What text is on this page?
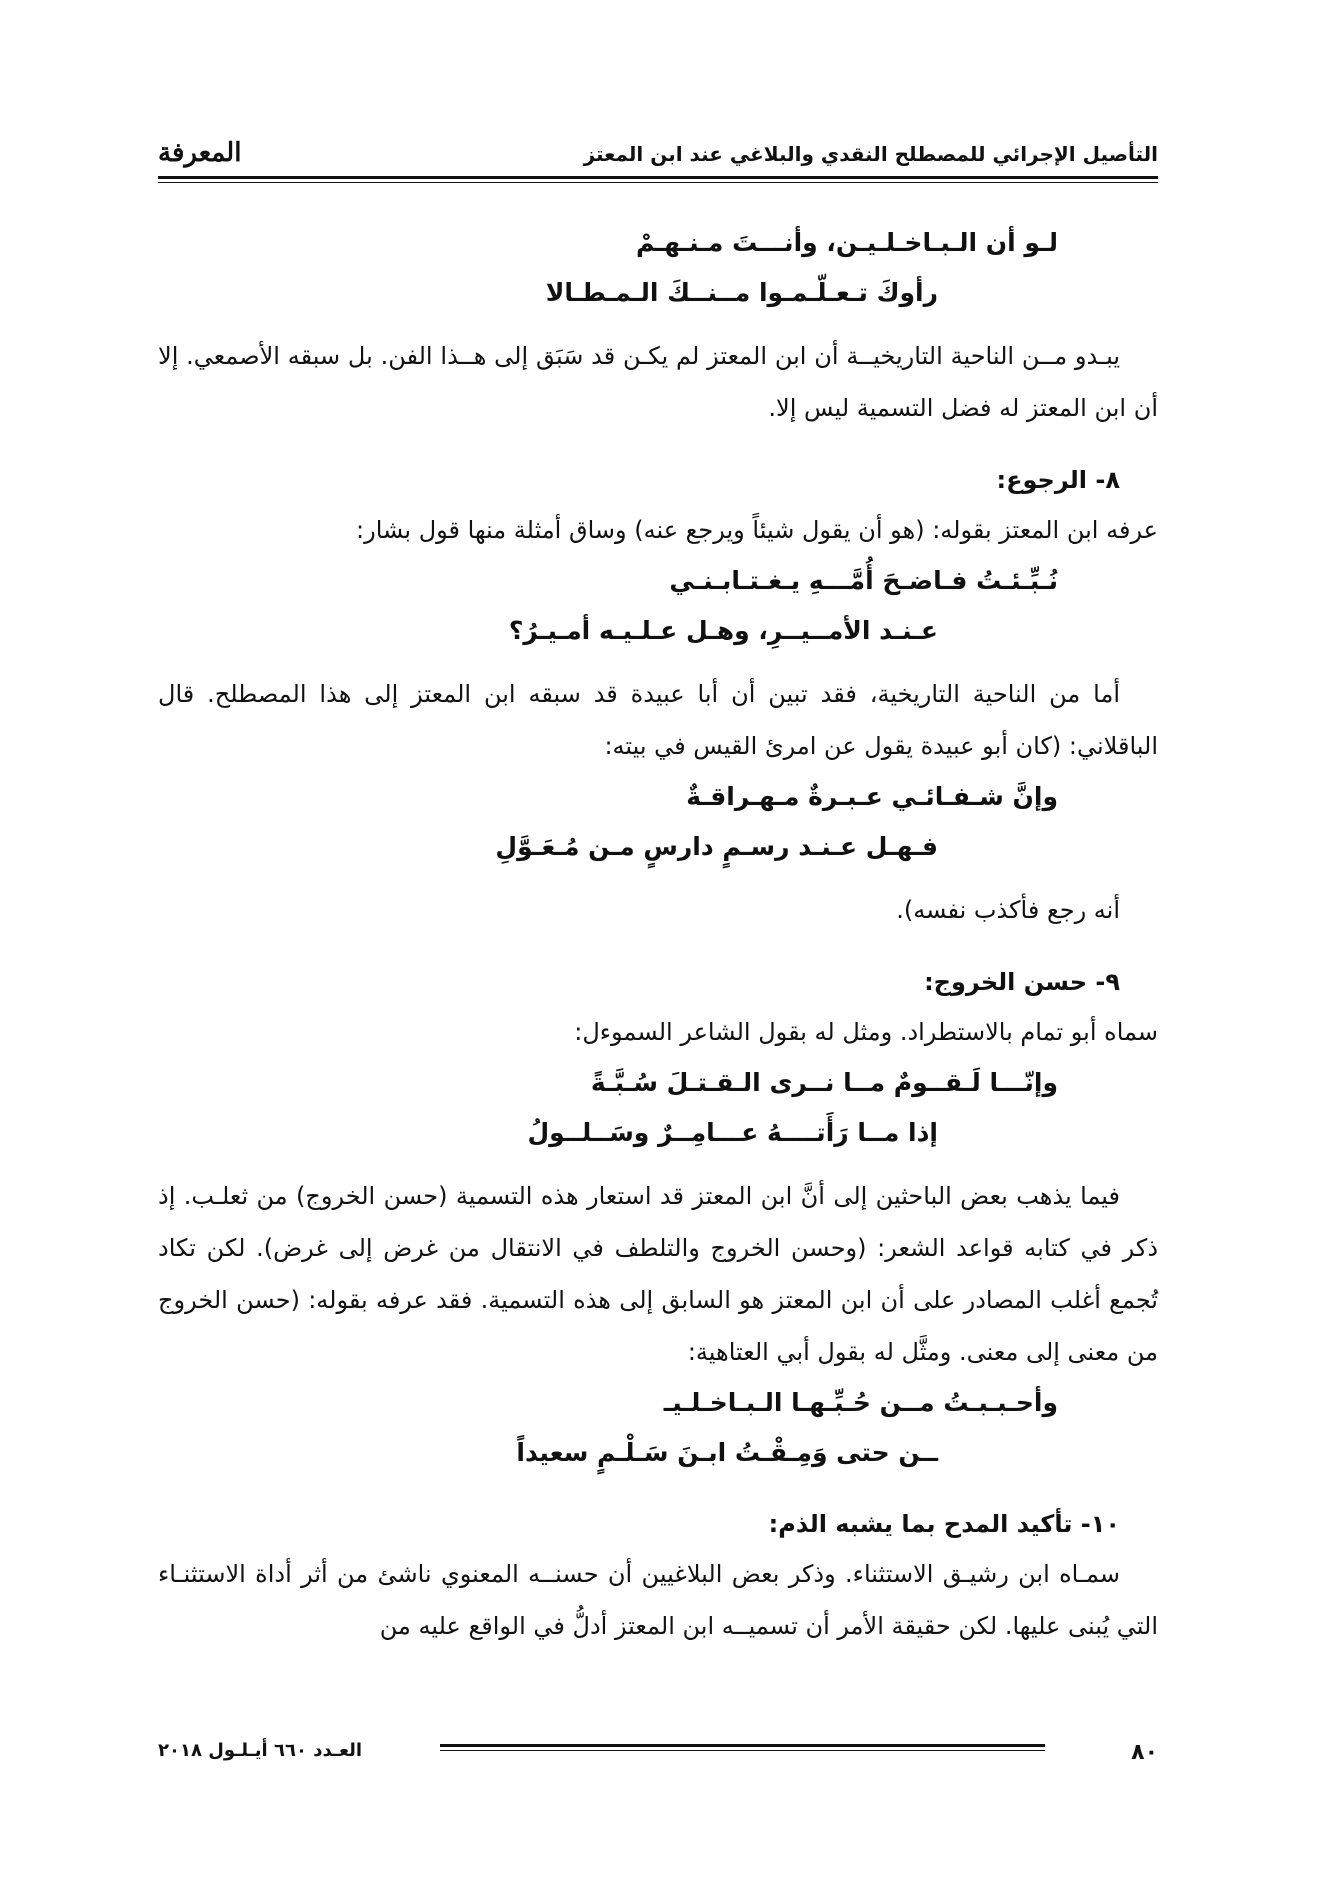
التأصيل الإجرائي للمصطلح النقدي والبلاغي عند ابن المعتز
المعرفة

لـو أن الـبـاخـلـيـن، وأنـــتَ مـنـهـمْ

رأوكَ تـعـلّـمـوا مــنــكَ الـمـطـالا

يبـدو مــن الناحية التاريخيــة أن ابن المعتز لم يكـن قد سَبَق إلى هــذا الفن. بل سبقه الأصمعي. إلا أن ابن المعتز له فضل التسمية ليس إلا.

٨- الرجوع:

عرفه ابن المعتز بقوله: (هو أن يقول شيئاً ويرجع عنه) وساق أمثلة منها قول بشار:

نُـبِّـئـتُ فـاضـحَ أُمَّـــهِ يـغـتـابـنـي

عـنـد الأمــيــرِ، وهـل عـلـيـه أمـيـرُ؟

أما من الناحية التاريخية، فقد تبين أن أبا عبيدة قد سبقه ابن المعتز إلى هذا المصطلح. قال الباقلاني: (كان أبو عبيدة يقول عن امرئ القيس في بيته:

وإنَّ شـفـائـي عـبـرةٌ مـهـراقـةٌ

فـهـل عـنـد رسـمٍ دارسٍ مـن مُـعَـوَّلِ

أنه رجع فأكذب نفسه).

٩- حسن الخروج:

سماه أبو تمام بالاستطراد. ومثل له بقول الشاعر السموءل:

وإنّـــا لَـقــومٌ مــا نــرى الـقـتـلَ سُـبَّـةً

إذا مــا رَأَتــــهُ عـــامِــرٌ وسَــلــولُ

فيما يذهب بعض الباحثين إلى أنَّ ابن المعتز قد استعار هذه التسمية (حسن الخروج) من ثعلـب. إذ ذكر في كتابه قواعد الشعر: (وحسن الخروج والتلطف في الانتقال من غرض إلى غرض). لكن تكاد تُجمع أغلب المصادر على أن ابن المعتز هو السابق إلى هذه التسمية. فقد عرفه بقوله: (حسن الخروج من معنى إلى معنى. ومثَّل له بقول أبي العتاهية:

وأحـبـبـتُ مــن حُـبِّـهـا الـبـاخـلـيـ

ــن حتى وَمِـقْـتُ ابـنَ سَـلْـمٍ سعيداً

١٠- تأكيد المدح بما يشبه الذم:

سمـاه ابن رشيـق الاستثناء. وذكر بعض البلاغيين أن حسنــه المعنوي ناشئ من أثر أداة الاستثنـاء التي يُبنى عليها. لكن حقيقة الأمر أن تسميــه ابن المعتز أدلُّ في الواقع عليه من

٨٠
العـدد ٦٦٠ أيـلـول ٢٠١٨
